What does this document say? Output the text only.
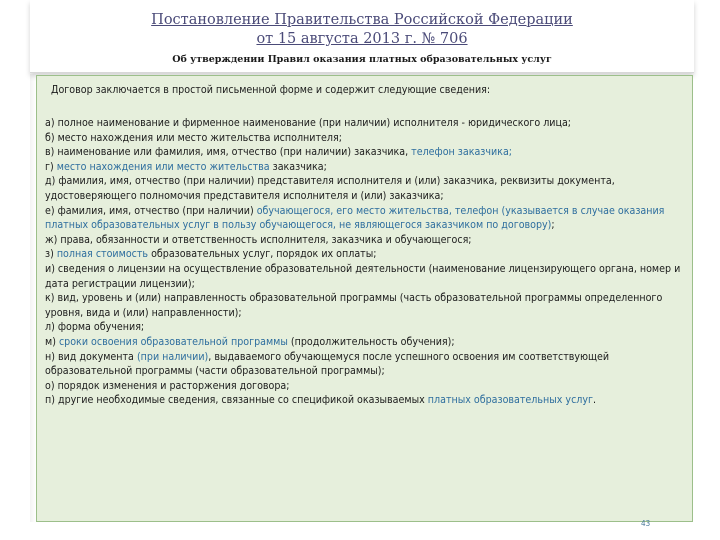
Постановление Правительства Российской Федерации
от 15 августа 2013 г. № 706
Об утверждении Правил оказания платных образовательных услуг
Договор заключается в простой письменной форме и содержит следующие сведения:

а) полное наименование и фирменное наименование (при наличии) исполнителя - юридического лица;

б) место нахождения или место жительства исполнителя;

в) наименование или фамилия, имя, отчество (при наличии) заказчика, телефон заказчика;

г) место нахождения или место жительства заказчика;

д) фамилия, имя, отчество (при наличии) представителя исполнителя и (или) заказчика, реквизиты документа, удостоверяющего полномочия представителя исполнителя и (или) заказчика;

е) фамилия, имя, отчество (при наличии) обучающегося, его место жительства, телефон (указывается в случае оказания платных образовательных услуг в пользу обучающегося, не являющегося заказчиком по договору);

ж) права, обязанности и ответственность исполнителя, заказчика и обучающегося;

з) полная стоимость образовательных услуг, порядок их оплаты;

и) сведения о лицензии на осуществление образовательной деятельности (наименование лицензирующего органа, номер и дата регистрации лицензии);

к) вид, уровень и (или) направленность образовательной программы (часть образовательной программы определенного уровня, вида и (или) направленности);

л) форма обучения;

м) сроки освоения образовательной программы (продолжительность обучения);

н) вид документа (при наличии), выдаваемого обучающемуся после успешного освоения им соответствующей образовательной программы (части образовательной программы);

о) порядок изменения и расторжения договора;

п) другие необходимые сведения, связанные со спецификой оказываемых платных образовательных услуг.

43
